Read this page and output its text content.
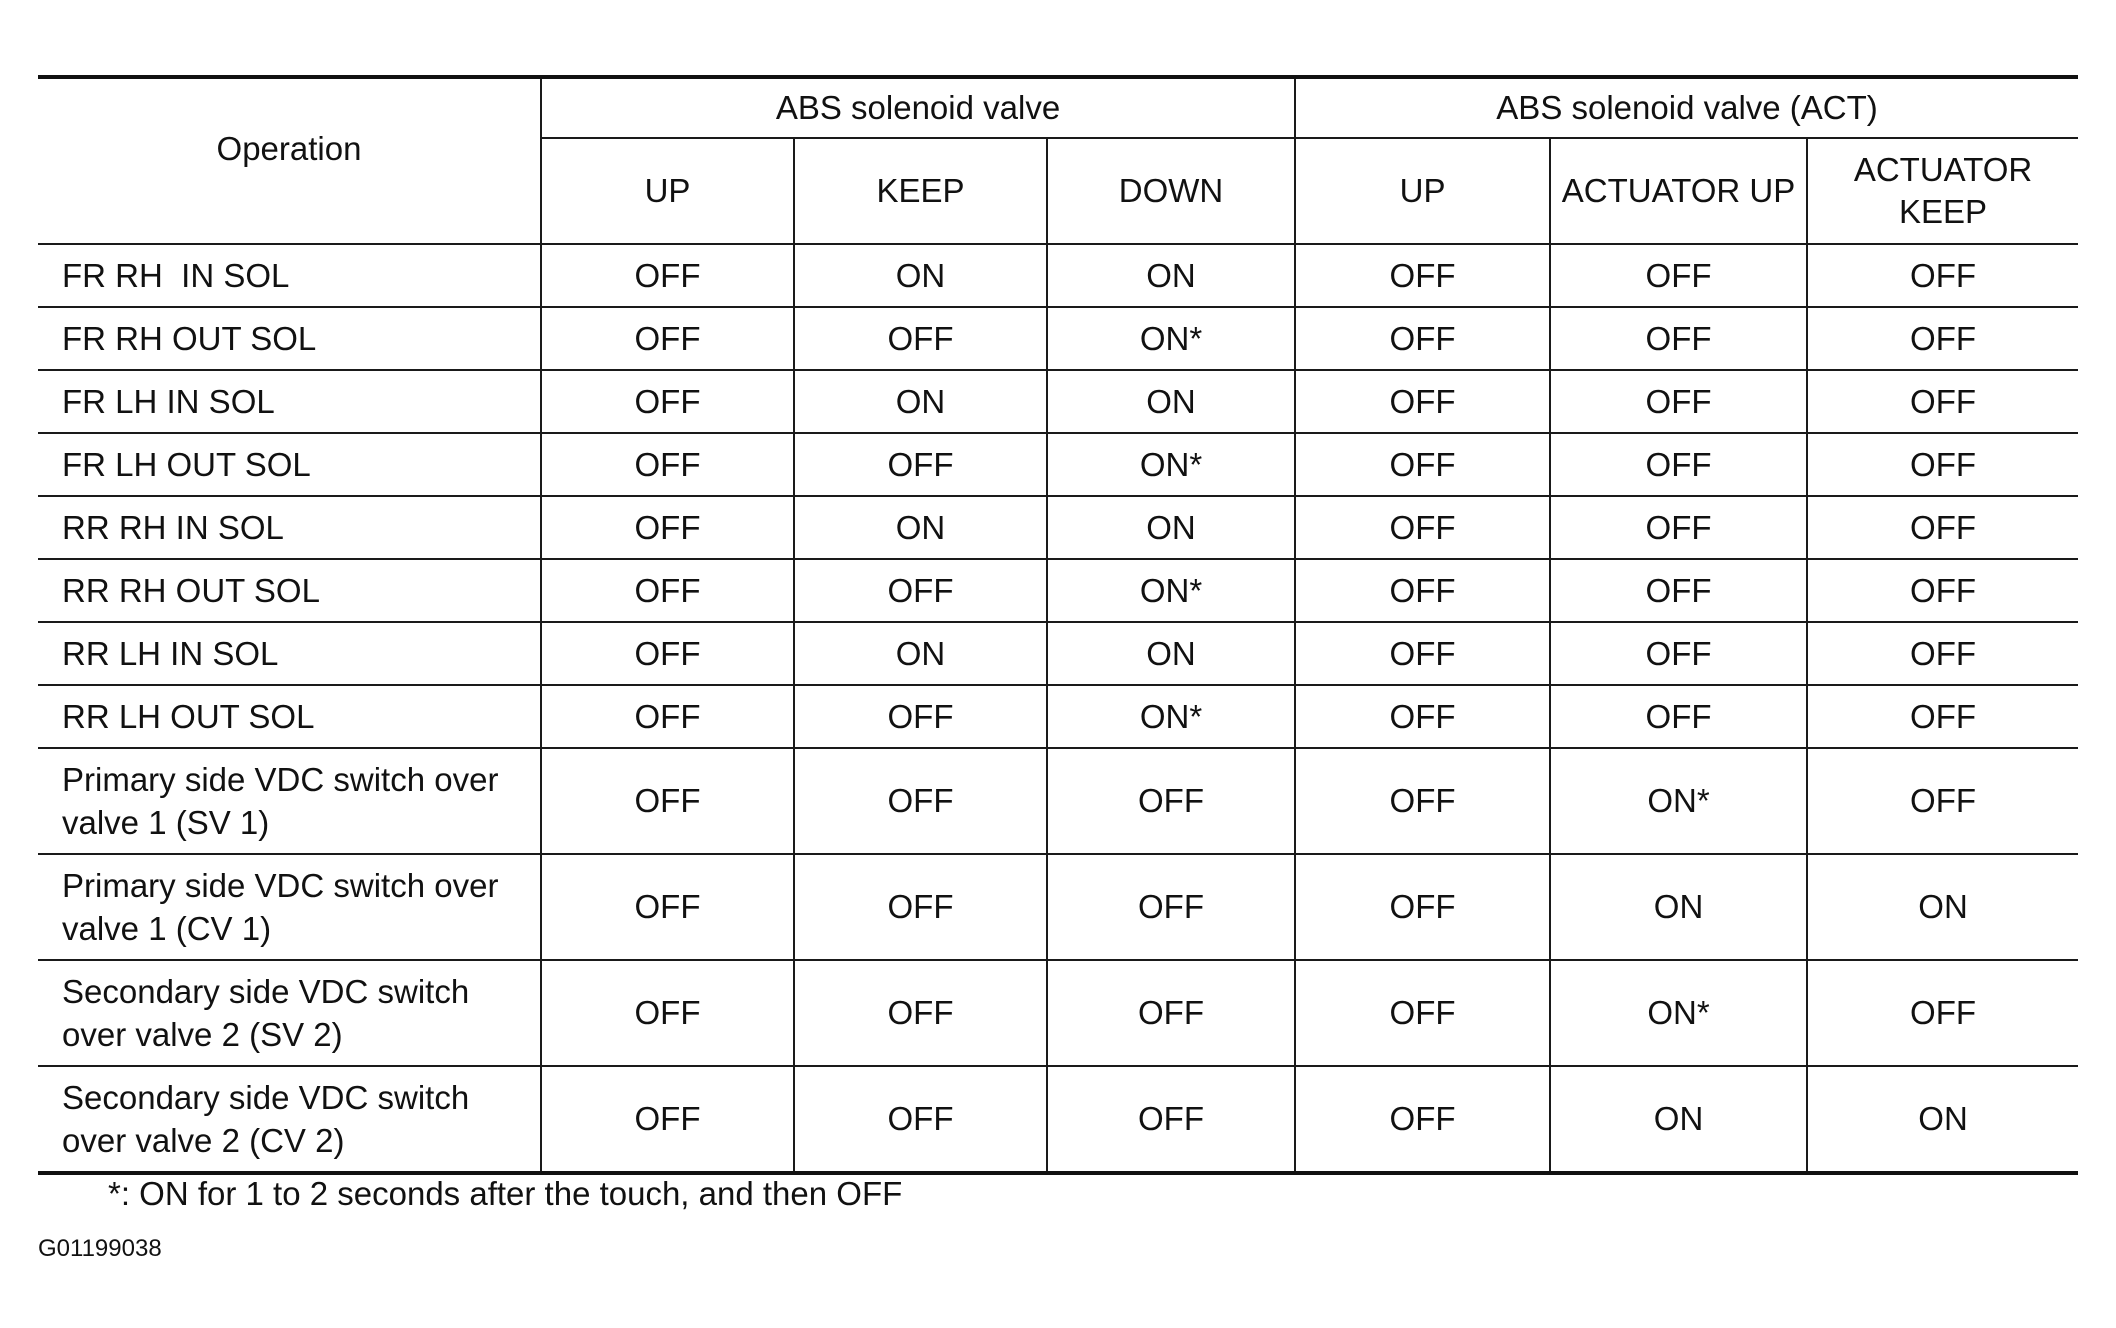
Operation	ABS solenoid valve			ABS solenoid valve (ACT)		
	UP	KEEP	DOWN	UP	ACTUATOR UP	ACTUATOR KEEP
FR RH  IN SOL	OFF	ON	ON	OFF	OFF	OFF
FR RH OUT SOL	OFF	OFF	ON*	OFF	OFF	OFF
FR LH IN SOL	OFF	ON	ON	OFF	OFF	OFF
FR LH OUT SOL	OFF	OFF	ON*	OFF	OFF	OFF
RR RH IN SOL	OFF	ON	ON	OFF	OFF	OFF
RR RH OUT SOL	OFF	OFF	ON*	OFF	OFF	OFF
RR LH IN SOL	OFF	ON	ON	OFF	OFF	OFF
RR LH OUT SOL	OFF	OFF	ON*	OFF	OFF	OFF
Primary side VDC switch over valve 1 (SV 1)	OFF	OFF	OFF	OFF	ON*	OFF
Primary side VDC switch over valve 1 (CV 1)	OFF	OFF	OFF	OFF	ON	ON
Secondary side VDC switch over valve 2 (SV 2)	OFF	OFF	OFF	OFF	ON*	OFF
Secondary side VDC switch over valve 2 (CV 2)	OFF	OFF	OFF	OFF	ON	ON
*: ON for 1 to 2 seconds after the touch, and then OFF
G01199038
